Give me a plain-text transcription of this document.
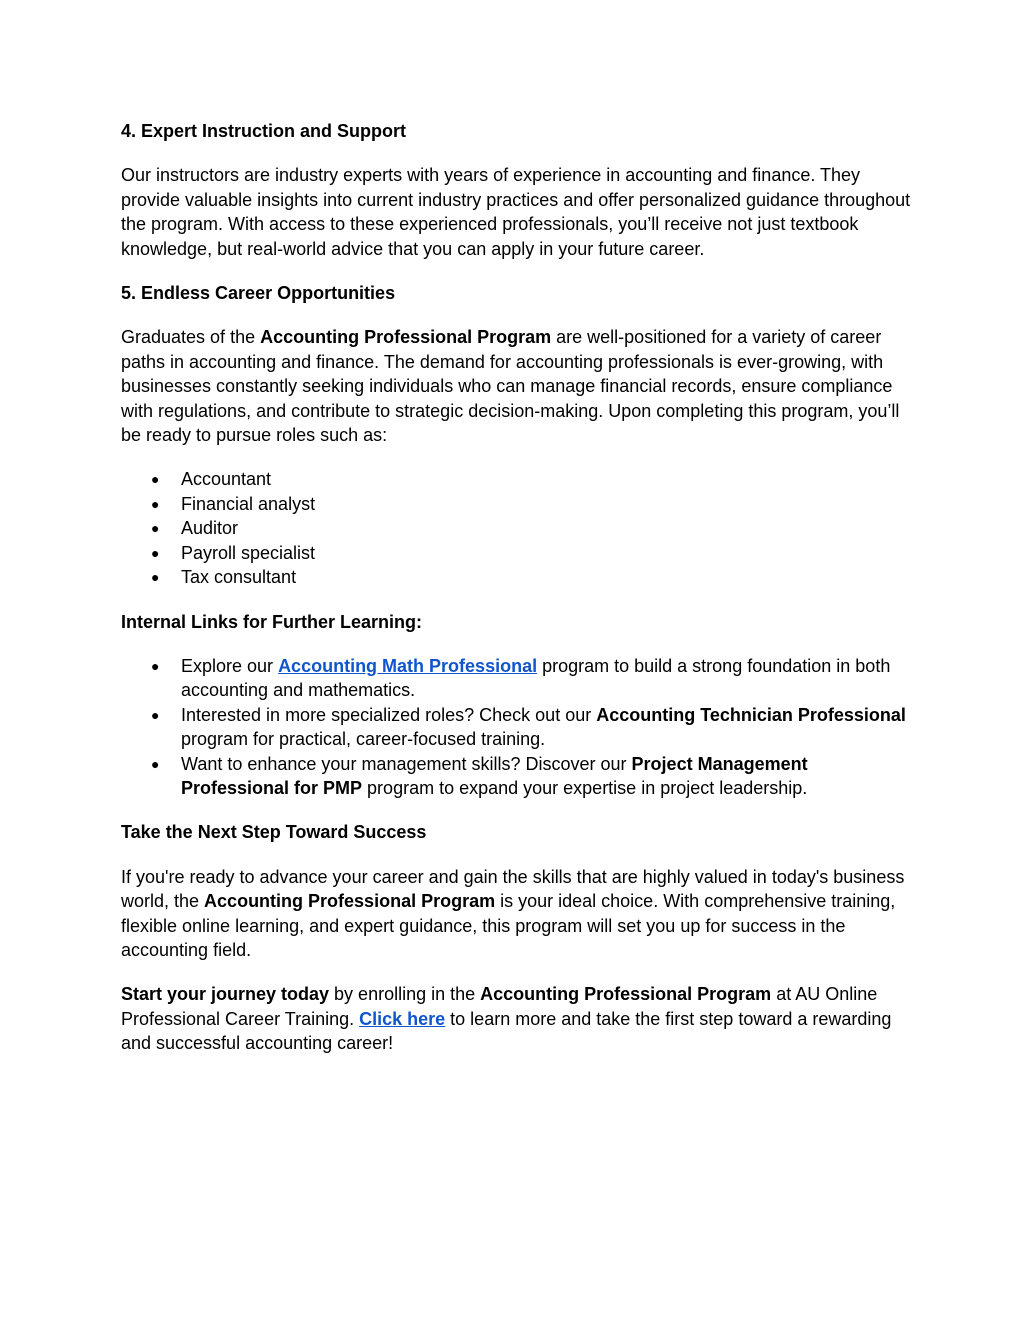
4. Expert Instruction and Support

Our instructors are industry experts with years of experience in accounting and finance. They provide valuable insights into current industry practices and offer personalized guidance throughout the program. With access to these experienced professionals, you’ll receive not just textbook knowledge, but real-world advice that you can apply in your future career.

5. Endless Career Opportunities

Graduates of the Accounting Professional Program are well-positioned for a variety of career paths in accounting and finance. The demand for accounting professionals is ever-growing, with businesses constantly seeking individuals who can manage financial records, ensure compliance with regulations, and contribute to strategic decision-making. Upon completing this program, you’ll be ready to pursue roles such as:

● Accountant
● Financial analyst
● Auditor
● Payroll specialist
● Tax consultant
Internal Links for Further Learning:
● Explore our Accounting Math Professional program to build a strong foundation in both accounting and mathematics.
● Interested in more specialized roles? Check out our Accounting Technician Professional program for practical, career-focused training.
● Want to enhance your management skills? Discover our Project Management Professional for PMP program to expand your expertise in project leadership.
Take the Next Step Toward Success

If you're ready to advance your career and gain the skills that are highly valued in today's business world, the Accounting Professional Program is your ideal choice. With comprehensive training, flexible online learning, and expert guidance, this program will set you up for success in the accounting field.

Start your journey today by enrolling in the Accounting Professional Program at AU Online Professional Career Training. Click here to learn more and take the first step toward a rewarding and successful accounting career!
